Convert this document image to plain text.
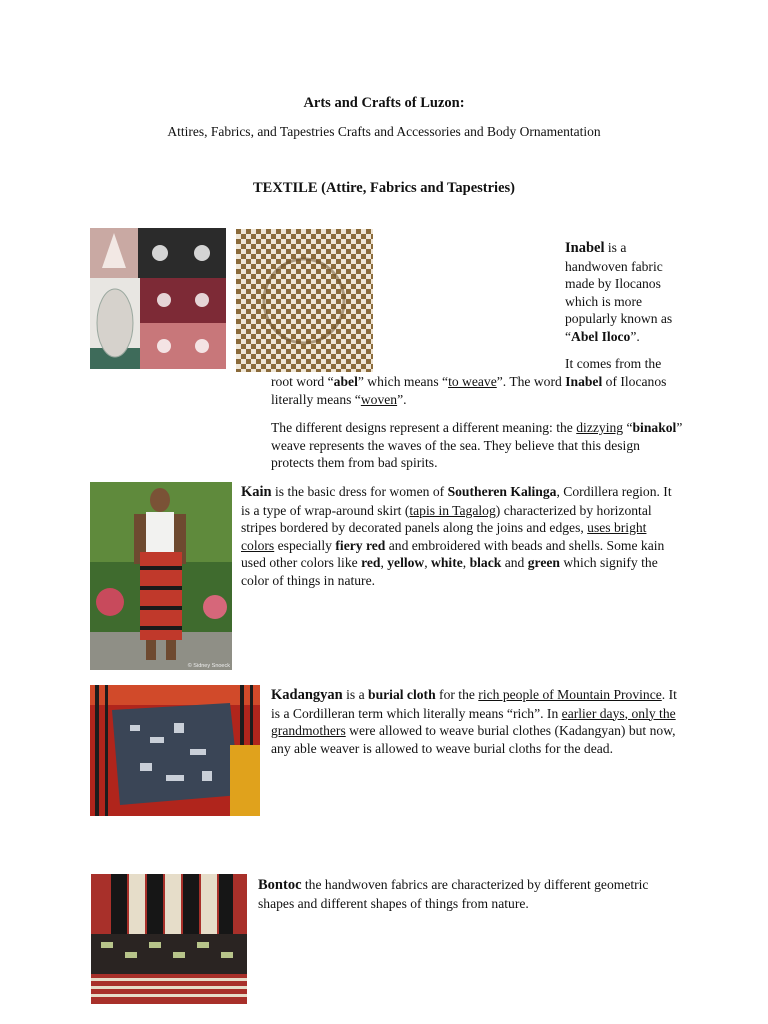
Arts and Crafts of Luzon:
Attires, Fabrics, and Tapestries Crafts and Accessories and Body Ornamentation
TEXTILE (Attire, Fabrics and Tapestries)
Inabel is a handwoven fabric made by Ilocanos which is more popularly known as “Abel Iloco”.
It comes from the
root word “abel” which means “to weave”. The word Inabel of Ilocanos literally means “woven”.
The different designs represent a different meaning: the dizzying “binakol” weave represents the waves of the sea. They believe that this design protects them from bad spirits.
© Sidney Snoeck
Kain is the basic dress for women of Southeren Kalinga, Cordillera region. It is a type of wrap-around skirt (tapis in Tagalog) characterized by horizontal stripes bordered by decorated panels along the joins and edges, uses bright colors especially fiery red and embroidered with beads and shells. Some kain used other colors like red, yellow, white, black and green which signify the color of things in nature.
Kadangyan is a burial cloth for the rich people of Mountain Province. It is a Cordilleran term which literally means “rich”. In earlier days, only the grandmothers were allowed to weave burial clothes (Kadangyan) but now, any able weaver is allowed to weave burial cloths for the dead.
Bontoc the handwoven fabrics are characterized by different geometric shapes and different shapes of things from nature.
